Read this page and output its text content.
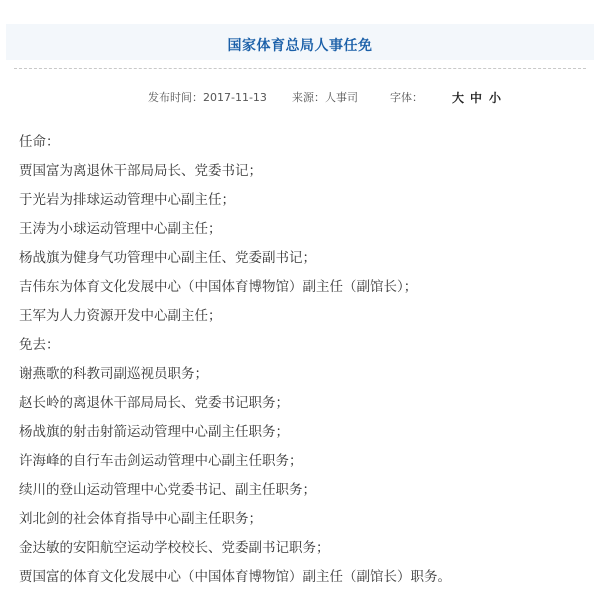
国家体育总局人事任免
发布时间：2017-11-13 来源：人事司	字体： 大 中 小
任命：
贾国富为离退休干部局局长、党委书记；
于光岩为排球运动管理中心副主任；
王涛为小球运动管理中心副主任；
杨战旗为健身气功管理中心副主任、党委副书记；
吉伟东为体育文化发展中心（中国体育博物馆）副主任（副馆长）；
王军为人力资源开发中心副主任；
免去：
谢燕歌的科教司副巡视员职务；
赵长岭的离退休干部局局长、党委书记职务；
杨战旗的射击射箭运动管理中心副主任职务；
许海峰的自行车击剑运动管理中心副主任职务；
续川的登山运动管理中心党委书记、副主任职务；
刘北剑的社会体育指导中心副主任职务；
金达敏的安阳航空运动学校校长、党委副书记职务；
贾国富的体育文化发展中心（中国体育博物馆）副主任（副馆长）职务。
